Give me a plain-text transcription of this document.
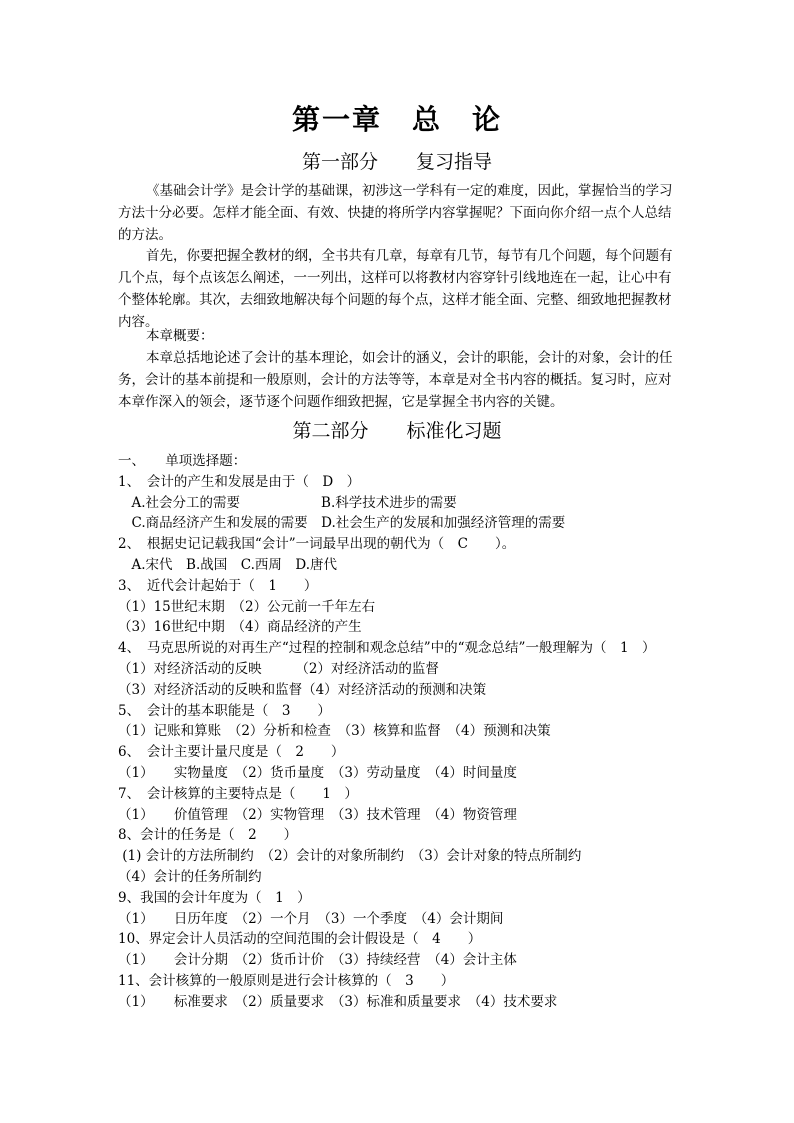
第一章　总　论
第一部分　　复习指导

《基础会计学》是会计学的基础课，初涉这一学科有一定的难度，因此，掌握恰当的学习方法十分必要。怎样才能全面、有效、快捷的将所学内容掌握呢？下面向你介绍一点个人总结的方法。

首先，你要把握全教材的纲，全书共有几章，每章有几节，每节有几个问题，每个问题有几个点，每个点该怎么阐述，一一列出，这样可以将教材内容穿针引线地连在一起，让心中有个整体轮廓。其次，去细致地解决每个问题的每个点，这样才能全面、完整、细致地把握教材内容。

本章概要：

本章总括地论述了会计的基本理论，如会计的涵义，会计的职能，会计的对象，会计的任务，会计的基本前提和一般原则，会计的方法等等，本章是对全书内容的概括。复习时，应对本章作深入的领会，逐节逐个问题作细致把握，它是掌握全书内容的关键。

第二部分　　标准化习题
一、　　单项选择题：
1、　会计的产生和发展是由于（　D　）
　A.社会分工的需要　　　　　　B.科学技术进步的需要
　C.商品经济产生和发展的需要　D.社会生产的发展和加强经济管理的需要
2、　根据史记记载我国“会计”一词最早出现的朝代为（　C　　）。
　A.宋代　B.战国　C.西周　D.唐代
3、　近代会计起始于（　1　　）
（1）15世纪末期　（2）公元前一千年左右
（3）16世纪中期　（4）商品经济的产生
4、　马克思所说的对再生产“过程的控制和观念总结”中的“观念总结”一般理解为（　1　）
（1）对经济活动的反映　　　（2）对经济活动的监督
（3）对经济活动的反映和监督（4）对经济活动的预测和决策
5、　会计的基本职能是（　3　　）
（1）记账和算账　（2）分析和检查　（3）核算和监督　（4）预测和决策
6、　会计主要计量尺度是（　2　　）
（1）　　实物量度　（2）货币量度　（3）劳动量度　（4）时间量度
7、　会计核算的主要特点是（　　1　）
（1）　　价值管理　（2）实物管理　（3）技术管理　（4）物资管理
8、会计的任务是（　2　　）
(1) 会计的方法所制约　（2）会计的对象所制约　（3）会计对象的特点所制约
（4）会计的任务所制约
9、我国的会计年度为（　1　）
（1）　　日历年度　（2）一个月　（3）一个季度　（4）会计期间
10、界定会计人员活动的空间范围的会计假设是（　4　　）
（1）　　会计分期　（2）货币计价　（3）持续经营　（4）会计主体
11、会计核算的一般原则是进行会计核算的（　3　　）
（1）　　标准要求　（2）质量要求　（3）标准和质量要求　（4）技术要求
